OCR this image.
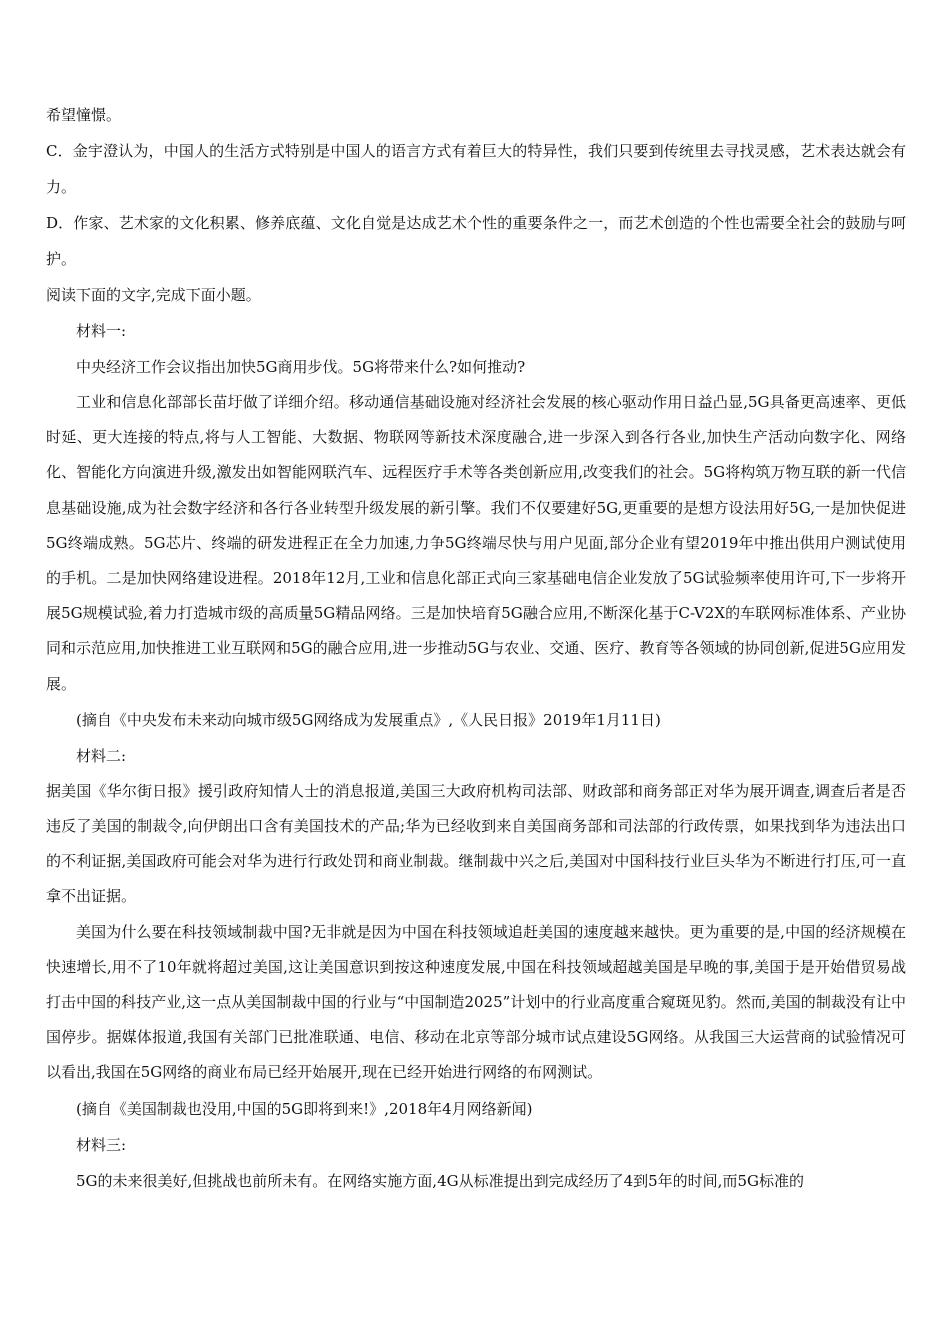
希望憧憬。

C．金宇澄认为，中国人的生活方式特别是中国人的语言方式有着巨大的特异性，我们只要到传统里去寻找灵感，艺术表达就会有力。

D．作家、艺术家的文化积累、修养底蕴、文化自觉是达成艺术个性的重要条件之一，而艺术创造的个性也需要全社会的鼓励与呵护。

阅读下面的文字,完成下面小题。

材料一:

中央经济工作会议指出加快5G商用步伐。5G将带来什么?如何推动?

工业和信息化部部长苗圩做了详细介绍。移动通信基础设施对经济社会发展的核心驱动作用日益凸显,5G具备更高速率、更低时延、更大连接的特点,将与人工智能、大数据、物联网等新技术深度融合,进一步深入到各行各业,加快生产活动向数字化、网络化、智能化方向演进升级,激发出如智能网联汽车、远程医疗手术等各类创新应用,改变我们的社会。5G将构筑万物互联的新一代信息基础设施,成为社会数字经济和各行各业转型升级发展的新引擎。我们不仅要建好5G,更重要的是想方设法用好5G,一是加快促进5G终端成熟。5G芯片、终端的研发进程正在全力加速,力争5G终端尽快与用户见面,部分企业有望2019年中推出供用户测试使用的手机。二是加快网络建设进程。2018年12月,工业和信息化部正式向三家基础电信企业发放了5G试验频率使用许可,下一步将开展5G规模试验,着力打造城市级的高质量5G精品网络。三是加快培育5G融合应用,不断深化基于C-V2X的车联网标准体系、产业协同和示范应用,加快推进工业互联网和5G的融合应用,进一步推动5G与农业、交通、医疗、教育等各领域的协同创新,促进5G应用发展。

(摘自《中央发布未来动向城市级5G网络成为发展重点》,《人民日报》2019年1月11日)

材料二:

据美国《华尔街日报》援引政府知情人士的消息报道,美国三大政府机构司法部、财政部和商务部正对华为展开调查,调查后者是否违反了美国的制裁令,向伊朗出口含有美国技术的产品;华为已经收到来自美国商务部和司法部的行政传票，如果找到华为违法出口的不利证据,美国政府可能会对华为进行行政处罚和商业制裁。继制裁中兴之后,美国对中国科技行业巨头华为不断进行打压,可一直拿不出证据。

美国为什么要在科技领域制裁中国?无非就是因为中国在科技领域追赶美国的速度越来越快。更为重要的是,中国的经济规模在快速增长,用不了10年就将超过美国,这让美国意识到按这种速度发展,中国在科技领域超越美国是早晚的事,美国于是开始借贸易战打击中国的科技产业,这一点从美国制裁中国的行业与“中国制造2025”计划中的行业高度重合窥斑见豹。然而,美国的制裁没有让中国停步。据媒体报道,我国有关部门已批准联通、电信、移动在北京等部分城市试点建设5G网络。从我国三大运营商的试验情况可以看出,我国在5G网络的商业布局已经开始展开,现在已经开始进行网络的布网测试。

(摘自《美国制裁也没用,中国的5G即将到来!》,2018年4月网络新闻)

材料三:

5G的未来很美好,但挑战也前所未有。在网络实施方面,4G从标准提出到完成经历了4到5年的时间,而5G标准的
